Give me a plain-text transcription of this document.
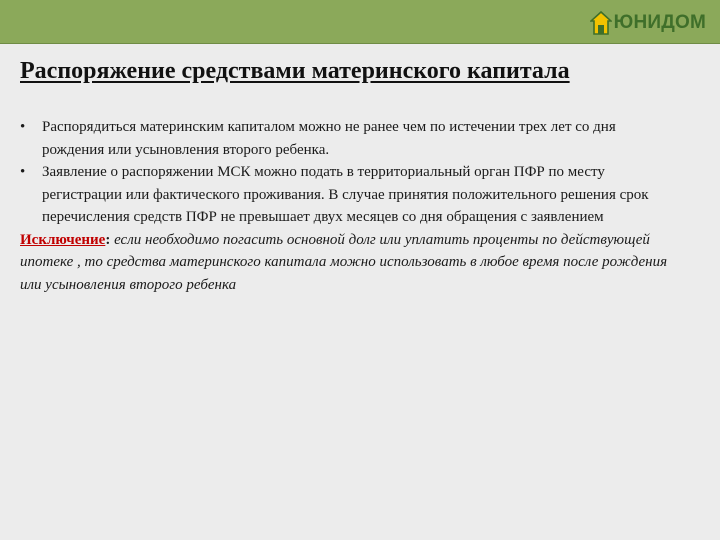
ЮНИДОМ
Распоряжение средствами материнского капитала
• Распорядиться материнским капиталом можно не ранее чем по истечении трех лет со дня рождения или усыновления второго ребенка.
• Заявление о распоряжении МСК можно подать в территориальный орган ПФР по месту регистрации или фактического проживания. В случае принятия положительного решения срок перечисления средств ПФР не превышает двух месяцев со дня обращения с заявлением

Исключение: если необходимо погасить основной долг или уплатить проценты по действующей ипотеке , то средства материнского капитала можно использовать в любое время после рождения или усыновления второго ребенка
